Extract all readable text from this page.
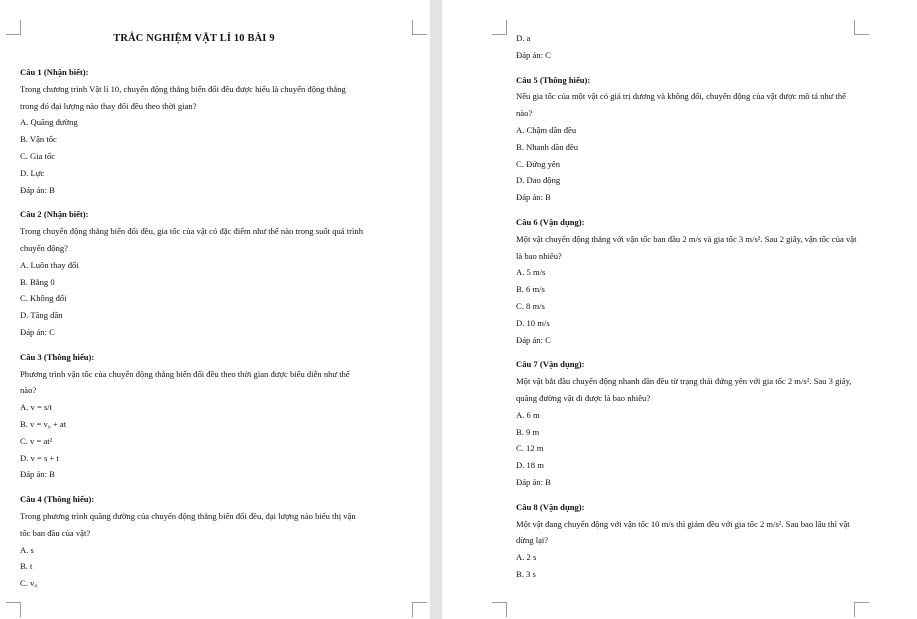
TRẮC NGHIỆM VẬT LÍ 10 BÀI 9
Câu 1 (Nhận biết):
Trong chương trình Vật lí 10, chuyển động thẳng biến đổi đều được hiểu là chuyển động thẳng trong đó đại lượng nào thay đổi đều theo thời gian?
A. Quãng đường
B. Vận tốc
C. Gia tốc
D. Lực
Đáp án: B
Câu 2 (Nhận biết):
Trong chuyển động thẳng biến đổi đều, gia tốc của vật có đặc điểm như thế nào trong suốt quá trình chuyển động?
A. Luôn thay đổi
B. Bằng 0
C. Không đổi
D. Tăng dần
Đáp án: C
Câu 3 (Thông hiểu):
Phương trình vận tốc của chuyển động thẳng biến đổi đều theo thời gian được biểu diễn như thế nào?
A. v = s/t
B. v = v₀ + at
C. v = at²
D. v = s + t
Đáp án: B
Câu 4 (Thông hiểu):
Trong phương trình quãng đường của chuyển động thẳng biến đổi đều, đại lượng nào biểu thị vận tốc ban đầu của vật?
A. s
B. t
C. v₀
D. a
Đáp án: C
Câu 5 (Thông hiểu):
Nếu gia tốc của một vật có giá trị dương và không đổi, chuyển động của vật được mô tả như thế nào?
A. Chậm dần đều
B. Nhanh dần đều
C. Đứng yên
D. Dao động
Đáp án: B
Câu 6 (Vận dụng):
Một vật chuyển động thẳng với vận tốc ban đầu 2 m/s và gia tốc 3 m/s². Sau 2 giây, vận tốc của vật là bao nhiêu?
A. 5 m/s
B. 6 m/s
C. 8 m/s
D. 10 m/s
Đáp án: C
Câu 7 (Vận dụng):
Một vật bắt đầu chuyển động nhanh dần đều từ trạng thái đứng yên với gia tốc 2 m/s². Sau 3 giây, quãng đường vật đi được là bao nhiêu?
A. 6 m
B. 9 m
C. 12 m
D. 18 m
Đáp án: B
Câu 8 (Vận dụng):
Một vật đang chuyển động với vận tốc 10 m/s thì giảm đều với gia tốc 2 m/s². Sau bao lâu thì vật dừng lại?
A. 2 s
B. 3 s
